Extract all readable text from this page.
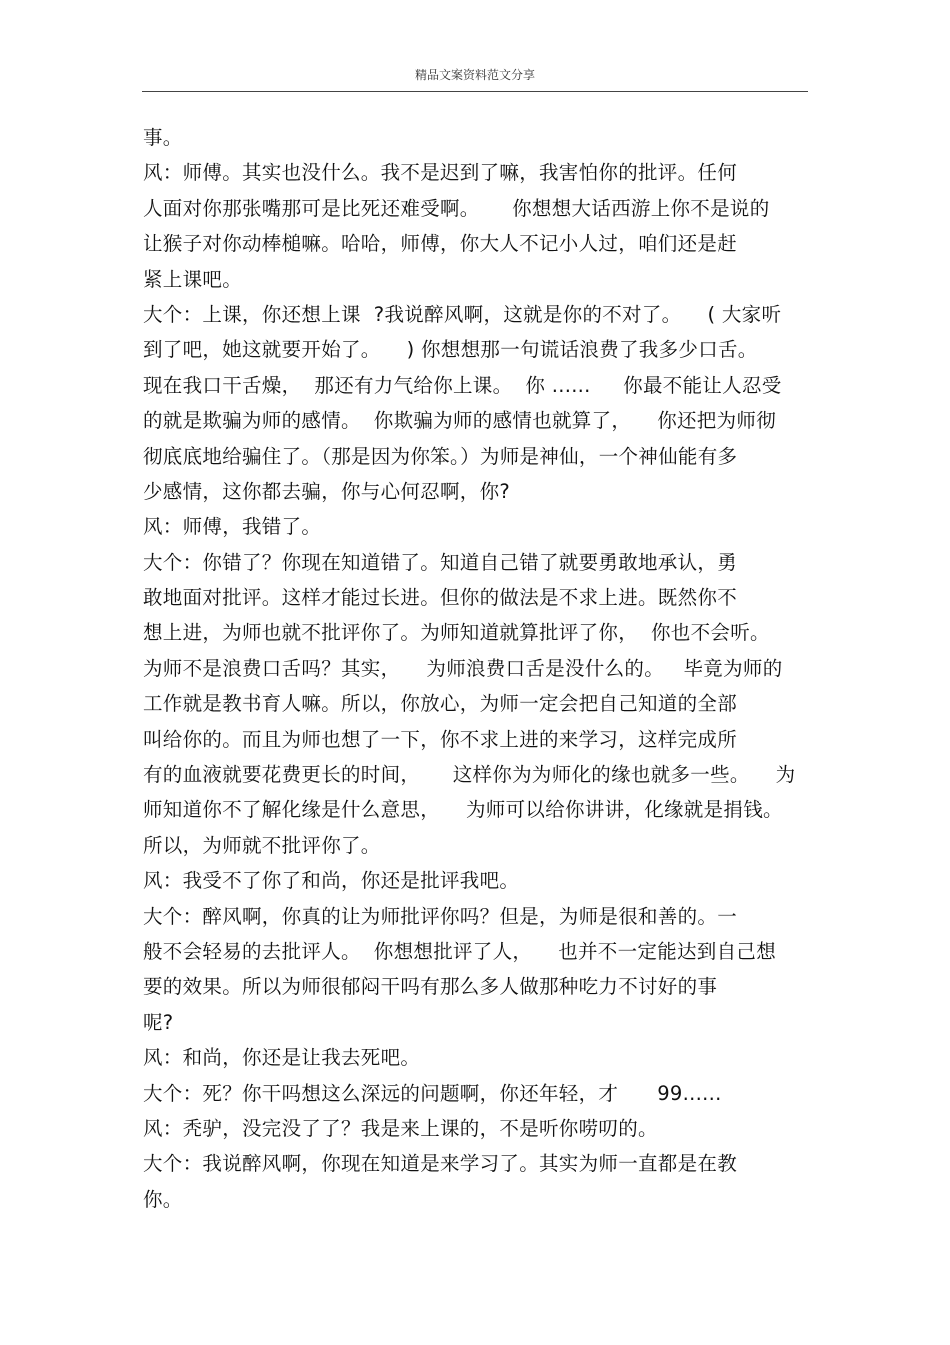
精品文案资料范文分享
事。
风：师傅。其实也没什么。我不是迟到了嘛，我害怕你的批评。任何
人面对你那张嘴那可是比死还难受啊。     你想想大话西游上你不是说的
让猴子对你动棒槌嘛。哈哈，师傅，你大人不记小人过，咱们还是赶
紧上课吧。
大个：上课，你还想上课  ?我说醉风啊，这就是你的不对了。    ( 大家听
到了吧，她这就要开始了。    ) 你想想那一句谎话浪费了我多少口舌。
现在我口干舌燥，  那还有力气给你上课。  你 ......     你最不能让人忍受
的就是欺骗为师的感情。  你欺骗为师的感情也就算了，    你还把为师彻
彻底底地给骗住了。（那是因为你笨。）为师是神仙，一个神仙能有多
少感情，这你都去骗，你与心何忍啊，你?
风：师傅，我错了。
大个：你错了？你现在知道错了。知道自己错了就要勇敢地承认，勇
敢地面对批评。这样才能过长进。但你的做法是不求上进。既然你不
想上进，为师也就不批评你了。为师知道就算批评了你，  你也不会听。
为师不是浪费口舌吗？其实，    为师浪费口舌是没什么的。   毕竟为师的
工作就是教书育人嘛。所以，你放心，为师一定会把自己知道的全部
叫给你的。而且为师也想了一下，你不求上进的来学习，这样完成所
有的血液就要花费更长的时间，     这样你为为师化的缘也就多一些。    为
师知道你不了解化缘是什么意思，    为师可以给你讲讲，化缘就是捐钱。
所以，为师就不批评你了。
风：我受不了你了和尚，你还是批评我吧。
大个：醉风啊，你真的让为师批评你吗？但是，为师是很和善的。一
般不会轻易的去批评人。  你想想批评了人，    也并不一定能达到自己想
要的效果。所以为师很郁闷干吗有那么多人做那种吃力不讨好的事
呢?
风：和尚，你还是让我去死吧。
大个：死？你干吗想这么深远的问题啊，你还年轻，才      99......
风：秃驴，没完没了了？我是来上课的，不是听你唠叨的。
大个：我说醉风啊，你现在知道是来学习了。其实为师一直都是在教
你。
